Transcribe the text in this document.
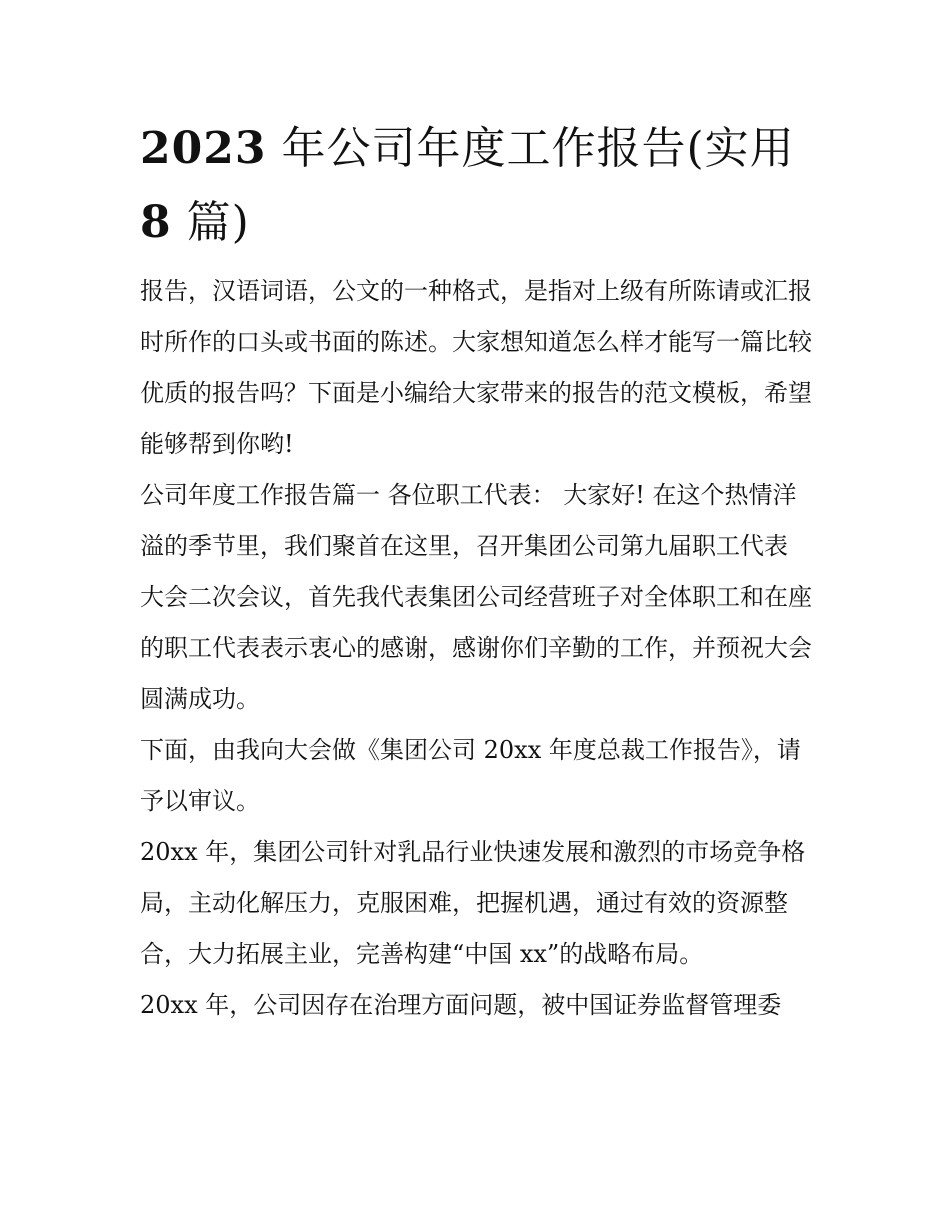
2023 年公司年度工作报告(实用 8 篇)

报告，汉语词语，公文的一种格式，是指对上级有所陈请或汇报时所作的口头或书面的陈述。大家想知道怎么样才能写一篇比较优质的报告吗？下面是小编给大家带来的报告的范文模板，希望能够帮到你哟!

公司年度工作报告篇一 各位职工代表： 大家好! 在这个热情洋溢的季节里，我们聚首在这里，召开集团公司第九届职工代表

大会二次会议，首先我代表集团公司经营班子对全体职工和在座的职工代表表示衷心的感谢，感谢你们辛勤的工作，并预祝大会圆满成功。

下面，由我向大会做《集团公司 20xx 年度总裁工作报告》，请予以审议。

20xx 年，集团公司针对乳品行业快速发展和激烈的市场竞争格局，主动化解压力，克服困难，把握机遇，通过有效的资源整合，大力拓展主业，完善构建“中国 xx”的战略布局。

20xx 年，公司因存在治理方面问题，被中国证券监督管理委
